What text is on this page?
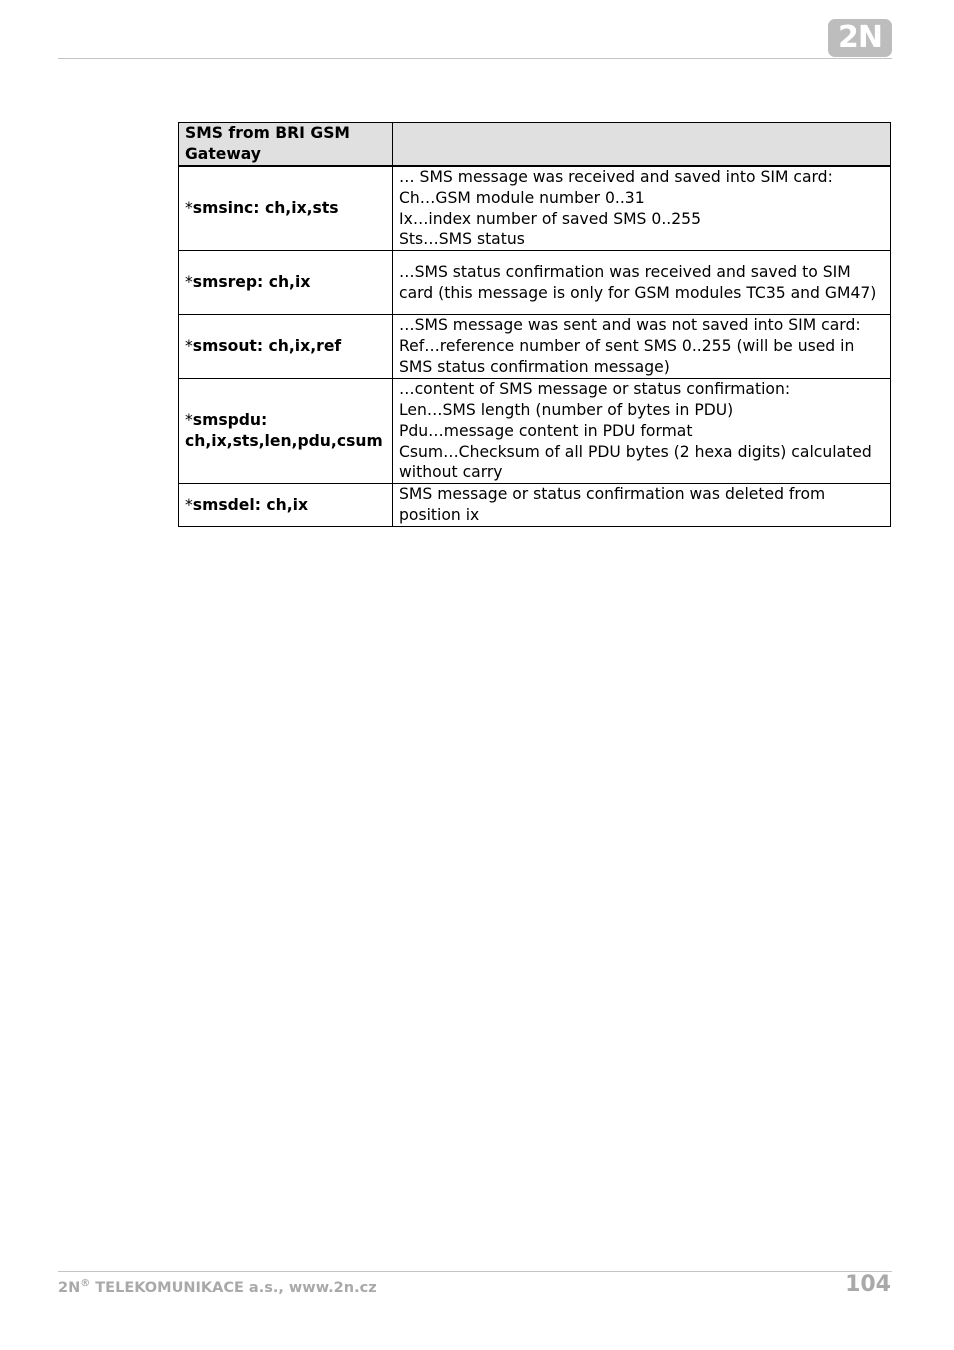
2N
SMS from BRI GSM Gateway	
*smsinc: ch,ix,sts	… SMS message was received and saved into SIM card:
Ch…GSM module number 0..31
Ix…index number of saved SMS 0..255
Sts…SMS status

*smsrep: ch,ix	…SMS status confirmation was received and saved to SIM card (this message is only for GSM modules TC35 and GM47)

*smsout: ch,ix,ref	…SMS message was sent and was not saved into SIM card:
Ref…reference number of sent SMS 0..255 (will be used in SMS status confirmation message)

*smspdu: ch,ix,sts,len,pdu,csum	…content of SMS message or status confirmation:
Len…SMS length (number of bytes in PDU)
Pdu…message content in PDU format
Csum…Checksum of all PDU bytes (2 hexa digits) calculated without carry

*smsdel: ch,ix	SMS message or status confirmation was deleted from position ix
2N® TELEKOMUNIKACE a.s., www.2n.cz	104
